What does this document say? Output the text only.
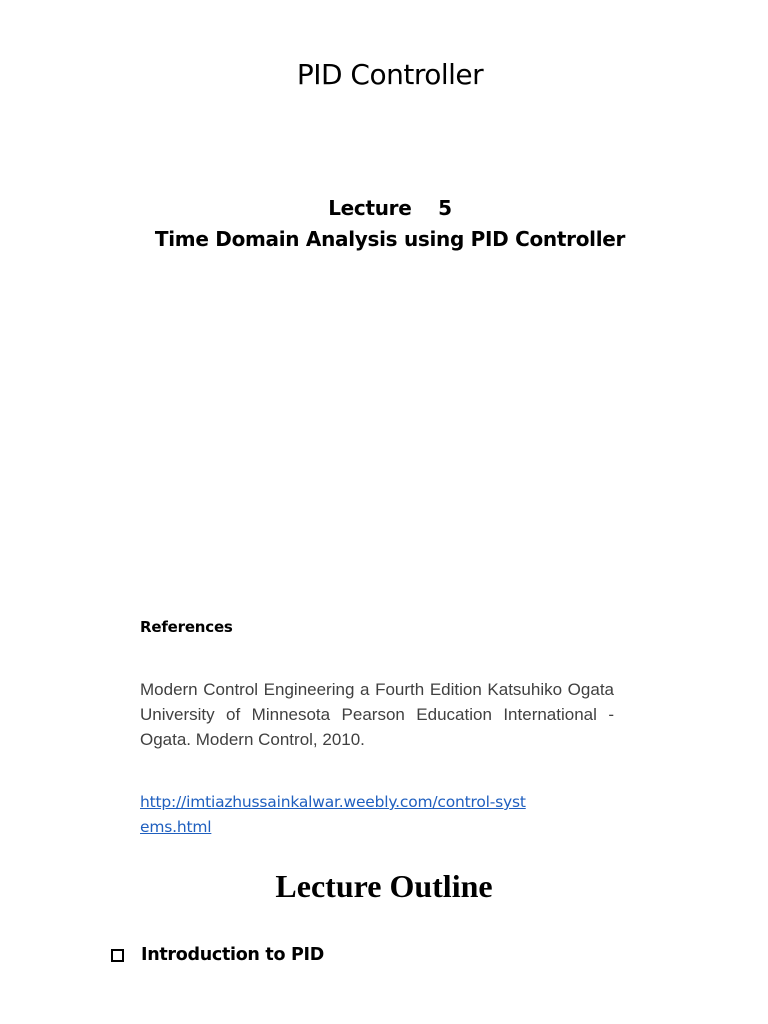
PID Controller
Lecture    5
Time Domain Analysis using PID Controller
References
Modern Control Engineering a Fourth Edition Katsuhiko Ogata University of Minnesota Pearson Education International - Ogata. Modern Control, 2010.
http://imtiazhussainkalwar.weebly.com/control-systems.html
Lecture Outline
Introduction to PID
